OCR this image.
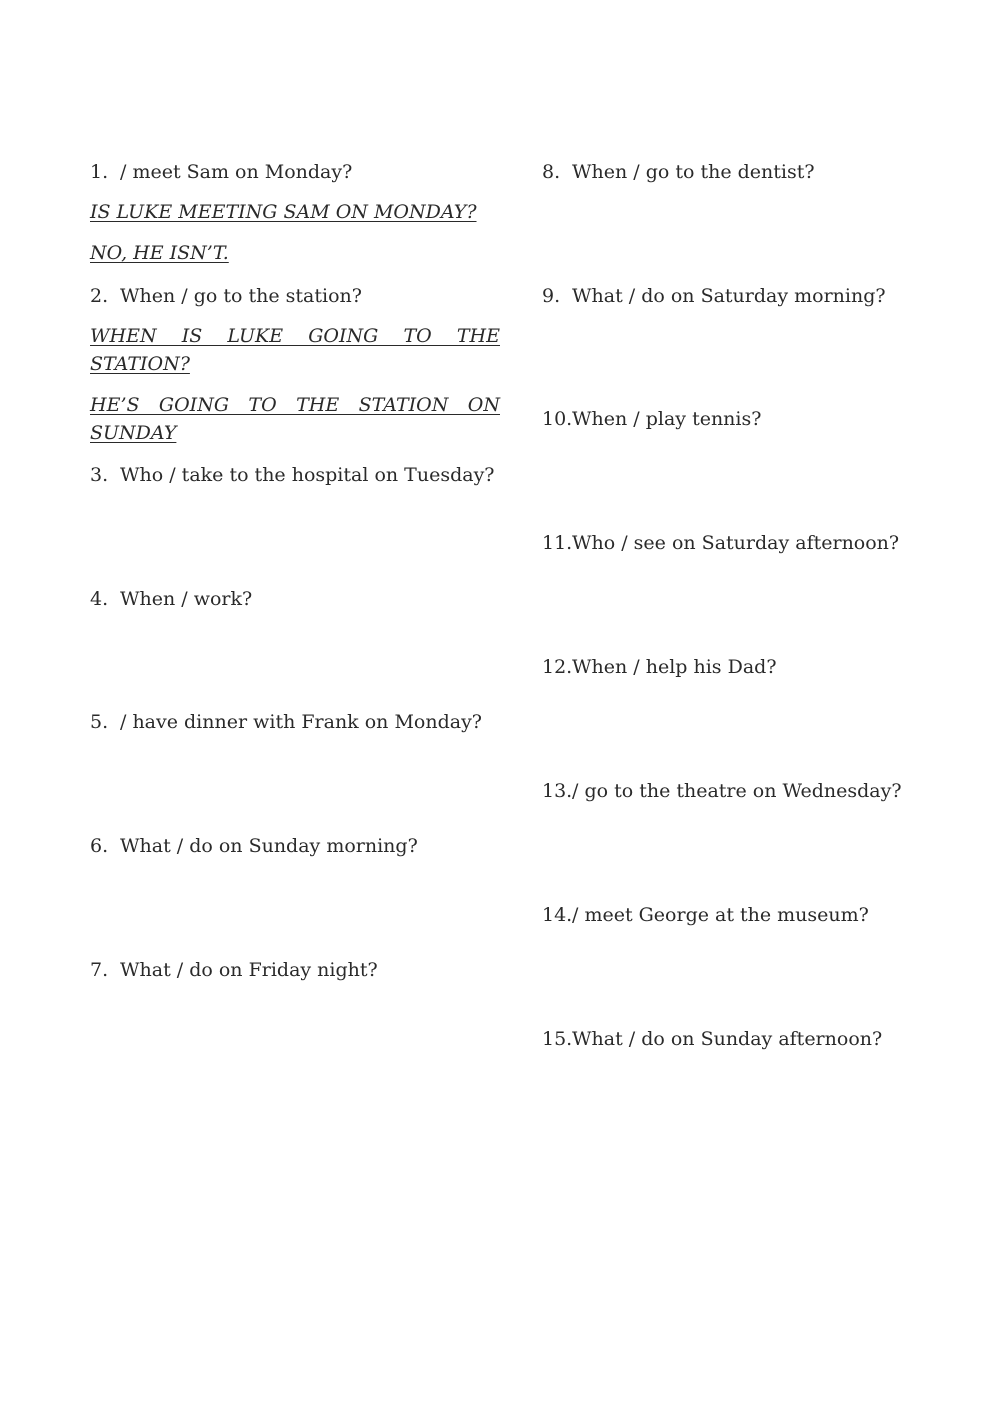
1. / meet Sam on Monday?
IS LUKE MEETING SAM ON MONDAY?
NO, HE ISN’T.
2. When / go to the station?
WHEN IS LUKE GOING TO THE STATION?
HE’S GOING TO THE STATION ON SUNDAY
3. Who / take to the hospital on Tuesday?
4. When / work?
5. / have dinner with Frank on Monday?
6. What / do on Sunday morning?
7. What / do on Friday night?
8. When / go to the dentist?
9. What / do on Saturday morning?
10.When / play tennis?
11.Who / see on Saturday afternoon?
12.When / help his Dad?
13./ go to the theatre on Wednesday?
14./ meet George at the museum?
15.What / do on Sunday afternoon?
